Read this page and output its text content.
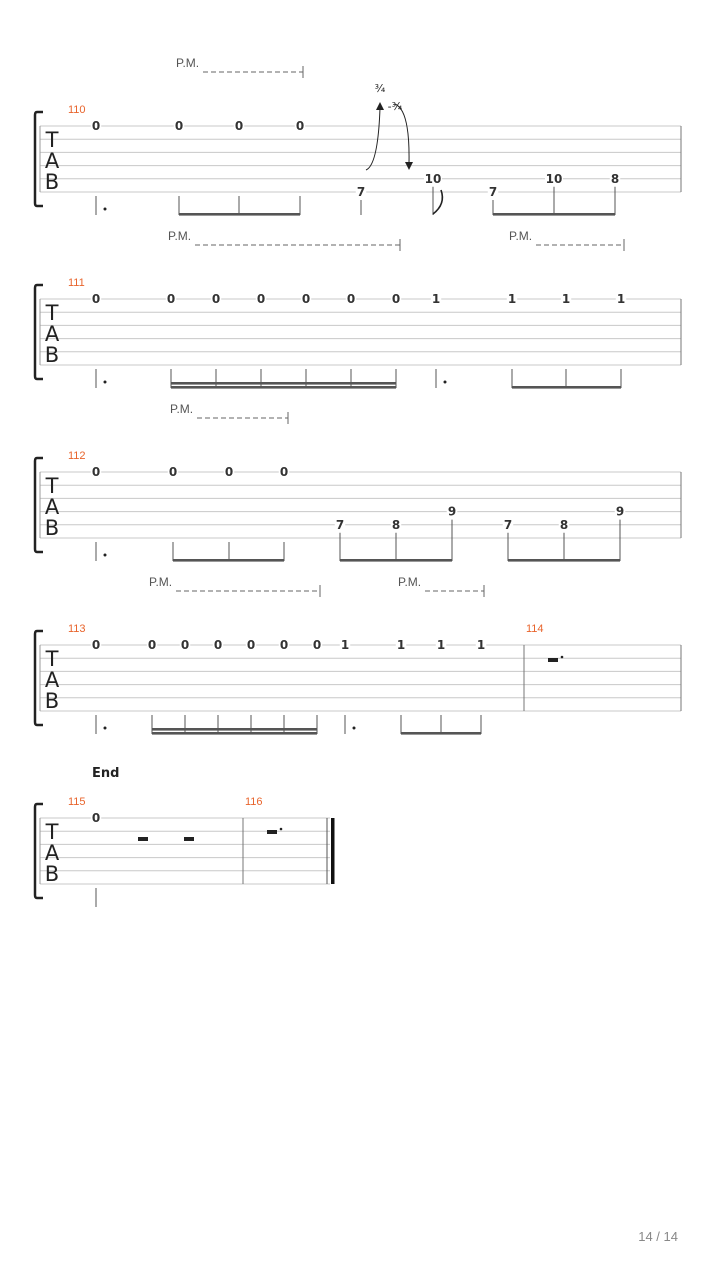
T
A
B
110
P.M.
0	0	0	0
7
10
7
10	8
¾
-¾
T
A
B
111
P.M.	P.M.
0	0	0	0	0	0	0	1	1	1	1
T
A
B
112
P.M.
0	0	0	0
7	8
9
7	8
9
T
A
B
113	114
P.M.	P.M.
0	0 0 0 0 0 0 1	1	1	1
T
A
B
115	116
0
End
14 / 14
